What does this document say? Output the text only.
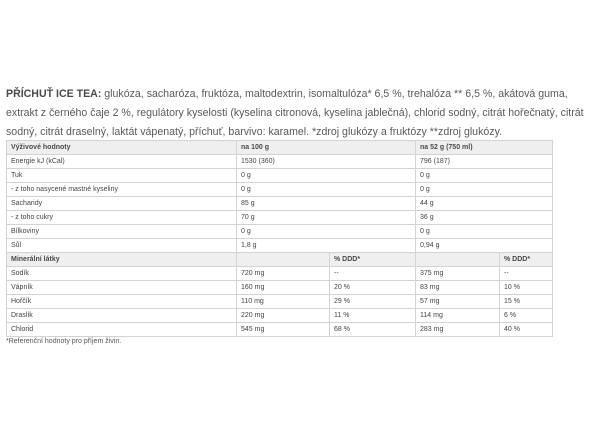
PŘÍCHUŤ ICE TEA: glukóza, sacharóza, fruktóza, maltodextrin, isomaltulóza* 6,5 %, trehalóza ** 6,5 %, akátová guma, extrakt z černého čaje 2 %, regulátory kyselosti (kyselina citronová, kyselina jablečná), chlorid sodný, citrát hořečnatý, citrát sodný, citrát draselný, laktát vápenatý, příchuť, barvivo: karamel. *zdroj glukózy a fruktózy **zdroj glukózy.

Výživové hodnoty	na 100 g		na 52 g (750 ml)	
Energie kJ (kCal)	1530 (360)		796 (187)	
Tuk	0 g		0 g	
- z toho nasycené mastné kyseliny	0 g		0 g	
Sacharidy	85 g		44 g	
- z toho cukry	70 g		36 g	
Bílkoviny	0 g		0 g	
Sůl	1,8 g		0,94 g	
Minerální látky		% DDD*		% DDD*
Sodík	720 mg	--	375 mg	--
Vápník	160 mg	20 %	83 mg	10 %
Hořčík	110 mg	29 %	57 mg	15 %
Draslík	220 mg	11 %	114 mg	6 %
Chlorid	545 mg	68 %	283 mg	40 %
*Referenční hodnoty pro příjem živin.
